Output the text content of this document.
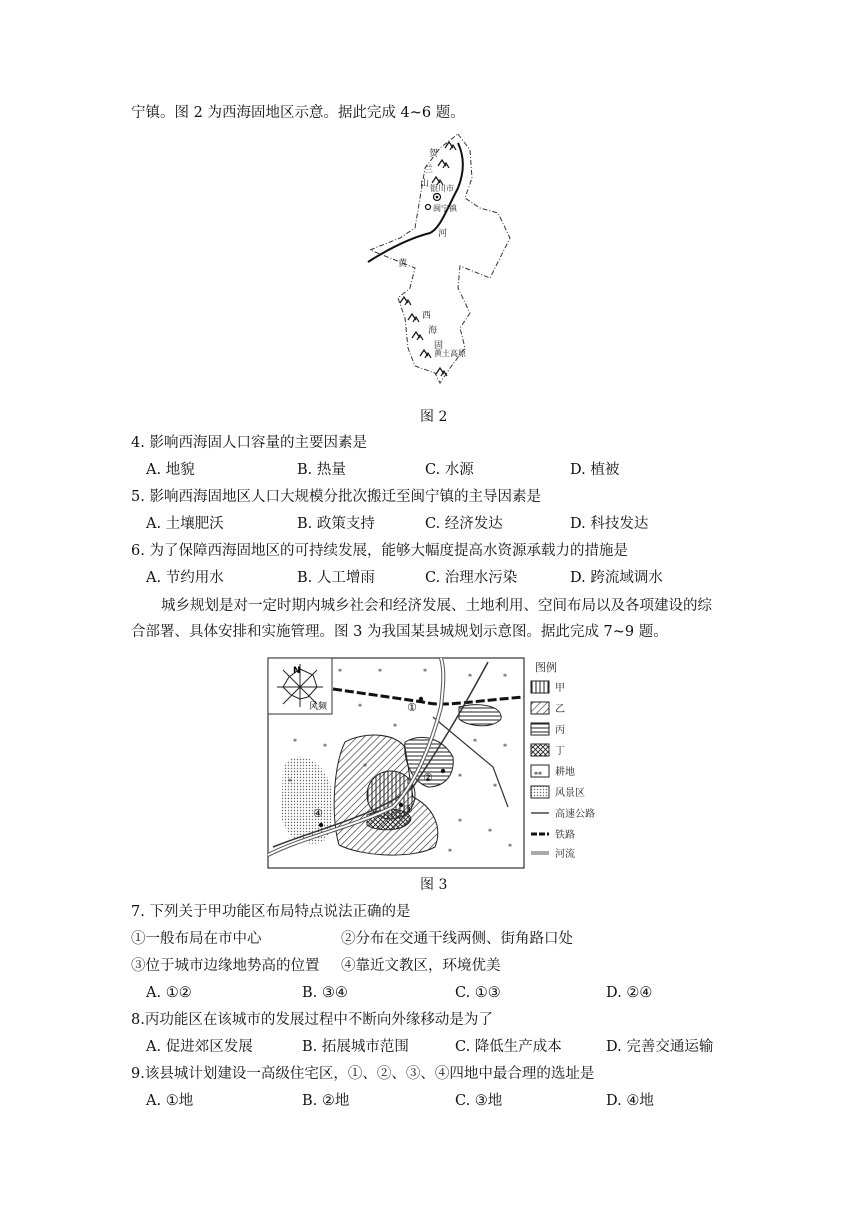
宁镇。图 2 为西海固地区示意。据此完成 4~6 题。
贺
兰
山 银川市
闽宁镇
河
黄
西
海
固
黄土高原
图 2
4. 影响西海固人口容量的主要因素是
A. 地貌	B. 热量	C. 水源	D. 植被
5. 影响西海固地区人口大规模分批次搬迁至闽宁镇的主导因素是
A. 土壤肥沃	B. 政策支持	C. 经济发达	D. 科技发达
6. 为了保障西海固地区的可持续发展，能够大幅度提高水资源承载力的措施是
A. 节约用水	B. 人工增雨	C. 治理水污染	D. 跨流域调水
城乡规划是对一定时期内城乡社会和经济发展、土地利用、空间布局以及各项建设的综
合部署、具体安排和实施管理。图 3 为我国某县城规划示意图。据此完成 7~9 题。
N
风频
⁎	⁎	⁎
⁎	⁎
⁎
⁎
⁎
⁎
⁎
⁎
⁎
⁎
⁎
⁎
⁎
⁎
⁎
⁎
①
②
③
④
图例
甲
乙
丙
丁
⁎⁎ 耕地
风景区
高速公路
铁路
河流
图 3
7. 下列关于甲功能区布局特点说法正确的是
①一般布局在市中心	②分布在交通干线两侧、街角路口处
③位于城市边缘地势高的位置 ④靠近文教区，环境优美
A. ①②	B. ③④	C. ①③	D. ②④
8.丙功能区在该城市的发展过程中不断向外缘移动是为了
A. 促进郊区发展	B. 拓展城市范围	C. 降低生产成本	D. 完善交通运输
9.该县城计划建设一高级住宅区，①、②、③、④四地中最合理的选址是
A. ①地	B. ②地	C. ③地	D. ④地
